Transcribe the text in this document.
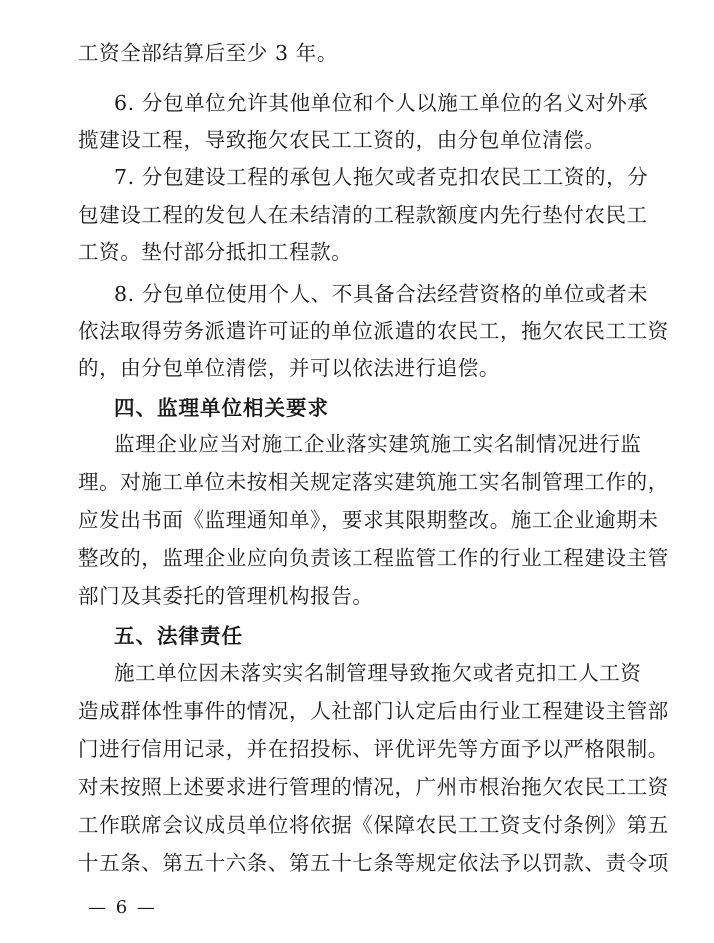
工资全部结算后至少 3 年。
6. 分包单位允许其他单位和个人以施工单位的名义对外承
揽建设工程，导致拖欠农民工工资的，由分包单位清偿。
7. 分包建设工程的承包人拖欠或者克扣农民工工资的，分
包建设工程的发包人在未结清的工程款额度内先行垫付农民工
工资。垫付部分抵扣工程款。
8. 分包单位使用个人、不具备合法经营资格的单位或者未
依法取得劳务派遣许可证的单位派遣的农民工，拖欠农民工工资
的，由分包单位清偿，并可以依法进行追偿。
四、监理单位相关要求
监理企业应当对施工企业落实建筑施工实名制情况进行监
理。对施工单位未按相关规定落实建筑施工实名制管理工作的，
应发出书面《监理通知单》，要求其限期整改。施工企业逾期未
整改的，监理企业应向负责该工程监管工作的行业工程建设主管
部门及其委托的管理机构报告。
五、法律责任
施工单位因未落实实名制管理导致拖欠或者克扣工人工资
造成群体性事件的情况，人社部门认定后由行业工程建设主管部
门进行信用记录，并在招投标、评优评先等方面予以严格限制。
对未按照上述要求进行管理的情况，广州市根治拖欠农民工工资
工作联席会议成员单位将依据《保障农民工工资支付条例》第五
十五条、第五十六条、第五十七条等规定依法予以罚款、责令项
— 6 —
